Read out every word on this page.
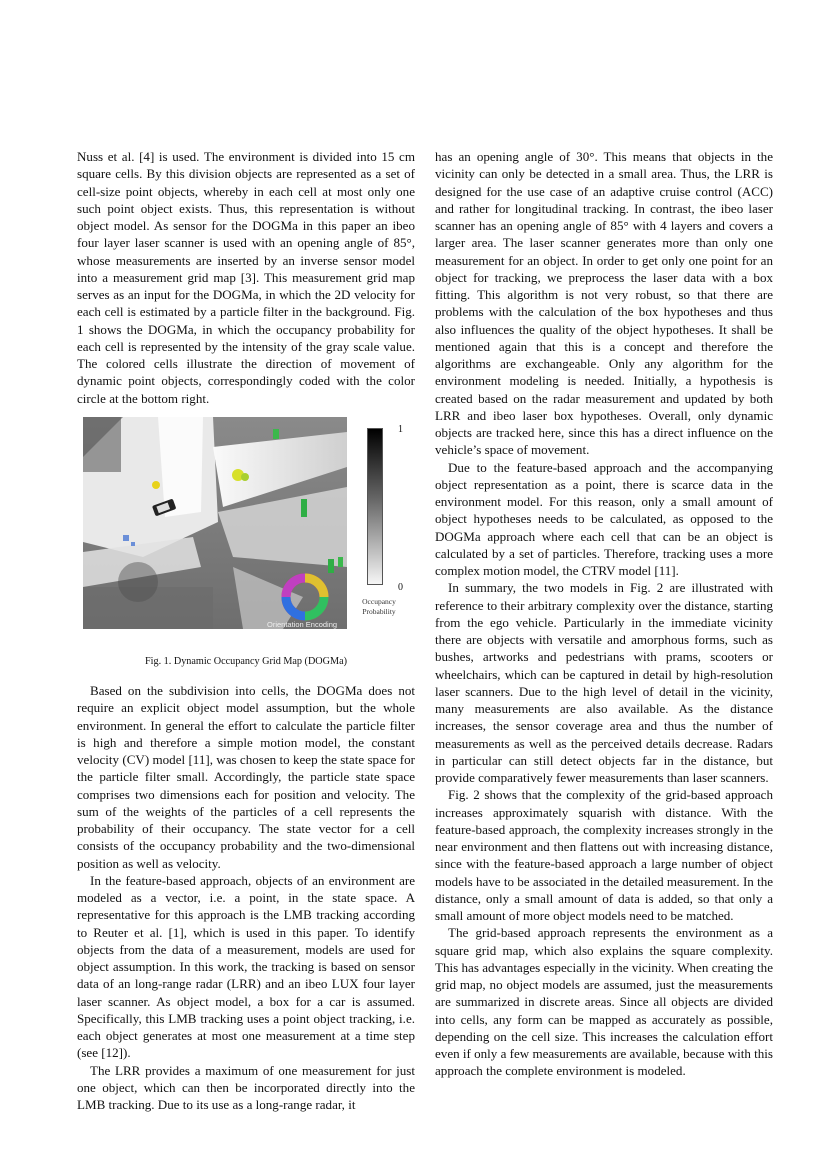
Nuss et al. [4] is used. The environment is divided into 15 cm square cells. By this division objects are represented as a set of cell-size point objects, whereby in each cell at most only one such point object exists. Thus, this representation is without object model. As sensor for the DOGMa in this paper an ibeo four layer laser scanner is used with an opening angle of 85°, whose measurements are inserted by an inverse sensor model into a measurement grid map [3]. This measurement grid map serves as an input for the DOGMa, in which the 2D velocity for each cell is estimated by a particle filter in the background. Fig. 1 shows the DOGMa, in which the occupancy probability for each cell is represented by the intensity of the gray scale value. The colored cells illustrate the direction of movement of dynamic point objects, correspondingly coded with the color circle at the bottom right.

Orientation Encoding
1
0
Occupancy
Probability
Fig. 1. Dynamic Occupancy Grid Map (DOGMa)

Based on the subdivision into cells, the DOGMa does not require an explicit object model assumption, but the whole environment. In general the effort to calculate the particle filter is high and therefore a simple motion model, the constant velocity (CV) model [11], was chosen to keep the state space for the particle filter small. Accordingly, the particle state space comprises two dimensions each for position and velocity. The sum of the weights of the particles of a cell represents the probability of their occupancy. The state vector for a cell consists of the occupancy probability and the two-dimensional position as well as velocity.

In the feature-based approach, objects of an environment are modeled as a vector, i.e. a point, in the state space. A representative for this approach is the LMB tracking according to Reuter et al. [1], which is used in this paper. To identify objects from the data of a measurement, models are used for object assumption. In this work, the tracking is based on sensor data of an long-range radar (LRR) and an ibeo LUX four layer laser scanner. As object model, a box for a car is assumed. Specifically, this LMB tracking uses a point object tracking, i.e. each object generates at most one measurement at a time step (see [12]).

The LRR provides a maximum of one measurement for just one object, which can then be incorporated directly into the LMB tracking. Due to its use as a long-range radar, it

has an opening angle of 30°. This means that objects in the vicinity can only be detected in a small area. Thus, the LRR is designed for the use case of an adaptive cruise control (ACC) and rather for longitudinal tracking. In contrast, the ibeo laser scanner has an opening angle of 85° with 4 layers and covers a larger area. The laser scanner generates more than only one measurement for an object. In order to get only one point for an object for tracking, we preprocess the laser data with a box fitting. This algorithm is not very robust, so that there are problems with the calculation of the box hypotheses and thus also influences the quality of the object hypotheses. It shall be mentioned again that this is a concept and therefore the algorithms are exchangeable. Only any algorithm for the environment modeling is needed. Initially, a hypothesis is created based on the radar measurement and updated by both LRR and ibeo laser box hypotheses. Overall, only dynamic objects are tracked here, since this has a direct influence on the vehicle’s space of movement.

Due to the feature-based approach and the accompanying object representation as a point, there is scarce data in the environment model. For this reason, only a small amount of object hypotheses needs to be calculated, as opposed to the DOGMa approach where each cell that can be an object is calculated by a set of particles. Therefore, tracking uses a more complex motion model, the CTRV model [11].

In summary, the two models in Fig. 2 are illustrated with reference to their arbitrary complexity over the distance, starting from the ego vehicle. Particularly in the immediate vicinity there are objects with versatile and amorphous forms, such as bushes, artworks and pedestrians with prams, scooters or wheelchairs, which can be captured in detail by high-resolution laser scanners. Due to the high level of detail in the vicinity, many measurements are also available. As the distance increases, the sensor coverage area and thus the number of measurements as well as the perceived details decrease. Radars in particular can still detect objects far in the distance, but provide comparatively fewer measurements than laser scanners.

Fig. 2 shows that the complexity of the grid-based approach increases approximately squarish with distance. With the feature-based approach, the complexity increases strongly in the near environment and then flattens out with increasing distance, since with the feature-based approach a large number of object models have to be associated in the detailed measurement. In the distance, only a small amount of data is added, so that only a small amount of more object models need to be matched.

The grid-based approach represents the environment as a square grid map, which also explains the square complexity. This has advantages especially in the vicinity. When creating the grid map, no object models are assumed, just the measurements are summarized in discrete areas. Since all objects are divided into cells, any form can be mapped as accurately as possible, depending on the cell size. This increases the calculation effort even if only a few measurements are available, because with this approach the complete environment is modeled.
